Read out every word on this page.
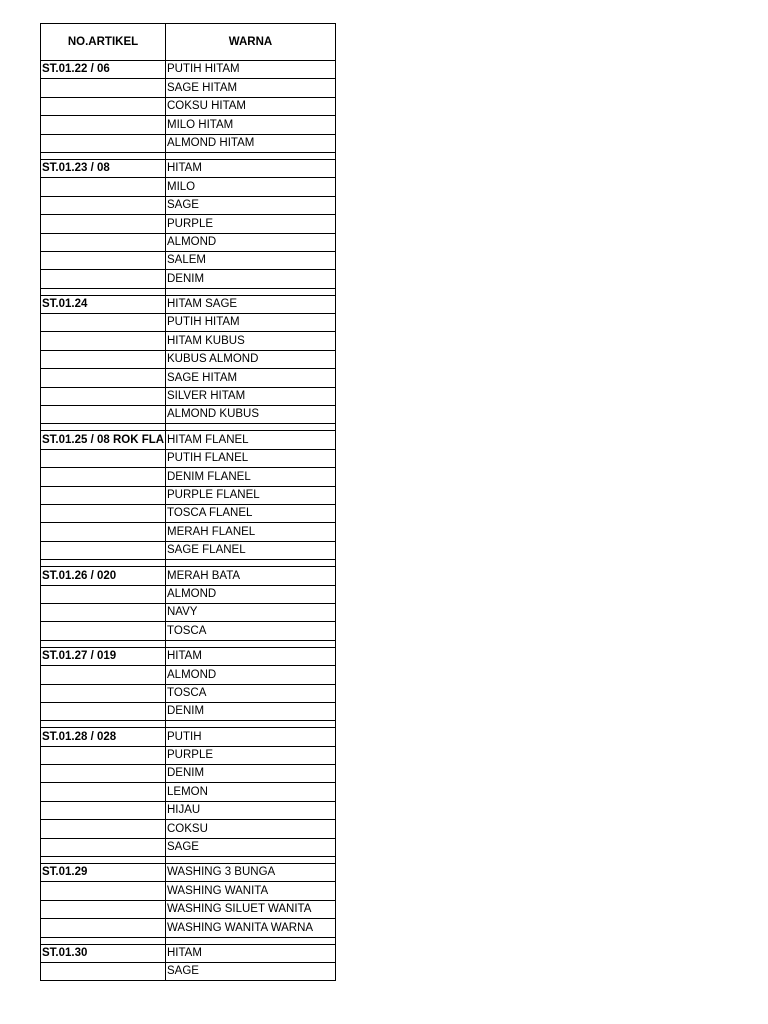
NO.ARTIKEL	WARNA
ST.01.22 / 06	PUTIH HITAM
	SAGE HITAM
	COKSU HITAM
	MILO HITAM
	ALMOND HITAM

ST.01.23 / 08	HITAM
	MILO
	SAGE
	PURPLE
	ALMOND
	SALEM
	DENIM

ST.01.24	HITAM SAGE
	PUTIH HITAM
	HITAM KUBUS
	KUBUS ALMOND
	SAGE HITAM
	SILVER HITAM
	ALMOND KUBUS

ST.01.25 / 08 ROK FLA	HITAM FLANEL
	PUTIH FLANEL
	DENIM FLANEL
	PURPLE FLANEL
	TOSCA FLANEL
	MERAH FLANEL
	SAGE FLANEL

ST.01.26 / 020	MERAH BATA
	ALMOND
	NAVY
	TOSCA

ST.01.27 / 019	HITAM
	ALMOND
	TOSCA
	DENIM

ST.01.28 / 028	PUTIH
	PURPLE
	DENIM
	LEMON
	HIJAU
	COKSU
	SAGE

ST.01.29	WASHING 3 BUNGA
	WASHING WANITA
	WASHING SILUET WANITA
	WASHING WANITA WARNA

ST.01.30	HITAM
	SAGE
